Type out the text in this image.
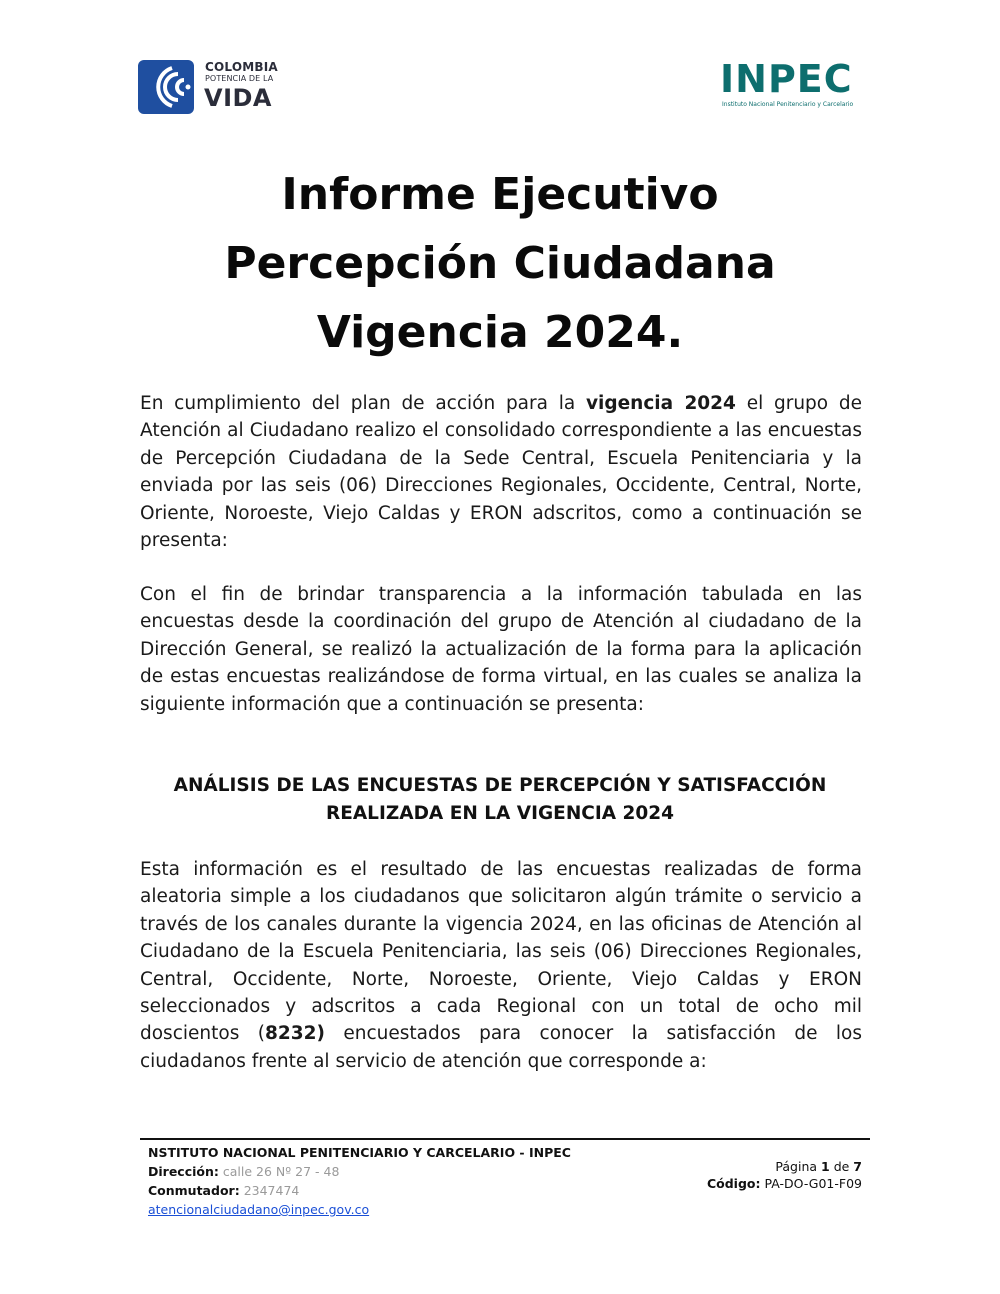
COLOMBIA
POTENCIA DE LA
VIDA	INPEC
Instituto Nacional Penitenciario y Carcelario
Informe Ejecutivo
Percepción Ciudadana
Vigencia 2024.

En cumplimiento del plan de acción para la vigencia 2024 el grupo de Atención al Ciudadano realizo el consolidado correspondiente a las encuestas de Percepción Ciudadana de la Sede Central, Escuela Penitenciaria y la enviada por las seis (06) Direcciones Regionales, Occidente, Central, Norte, Oriente, Noroeste, Viejo Caldas y ERON adscritos, como a continuación se presenta:

Con el fin de brindar transparencia a la información tabulada en las encuestas desde la coordinación del grupo de Atención al ciudadano de la Dirección General, se realizó la actualización de la forma para la aplicación de estas encuestas realizándose de forma virtual, en las cuales se analiza la siguiente información que a continuación se presenta:

ANÁLISIS DE LAS ENCUESTAS DE PERCEPCIÓN Y SATISFACCIÓN
REALIZADA EN LA VIGENCIA 2024

Esta información es el resultado de las encuestas realizadas de forma aleatoria simple a los ciudadanos que solicitaron algún trámite o servicio a través de los canales durante la vigencia 2024, en las oficinas de Atención al Ciudadano de la Escuela Penitenciaria, las seis (06) Direcciones Regionales, Central, Occidente, Norte, Noroeste, Oriente, Viejo Caldas y ERON seleccionados y adscritos a cada Regional con un total de ocho mil doscientos (8232) encuestados para conocer la satisfacción de los ciudadanos frente al servicio de atención que corresponde a:

NSTITUTO NACIONAL PENITENCIARIO Y CARCELARIO - INPEC
Dirección: calle 26 Nº 27 - 48
Conmutador: 2347474
atencionalciudadano@inpec.gov.co
Página 1 de 7
Código: PA-DO-G01-F09
